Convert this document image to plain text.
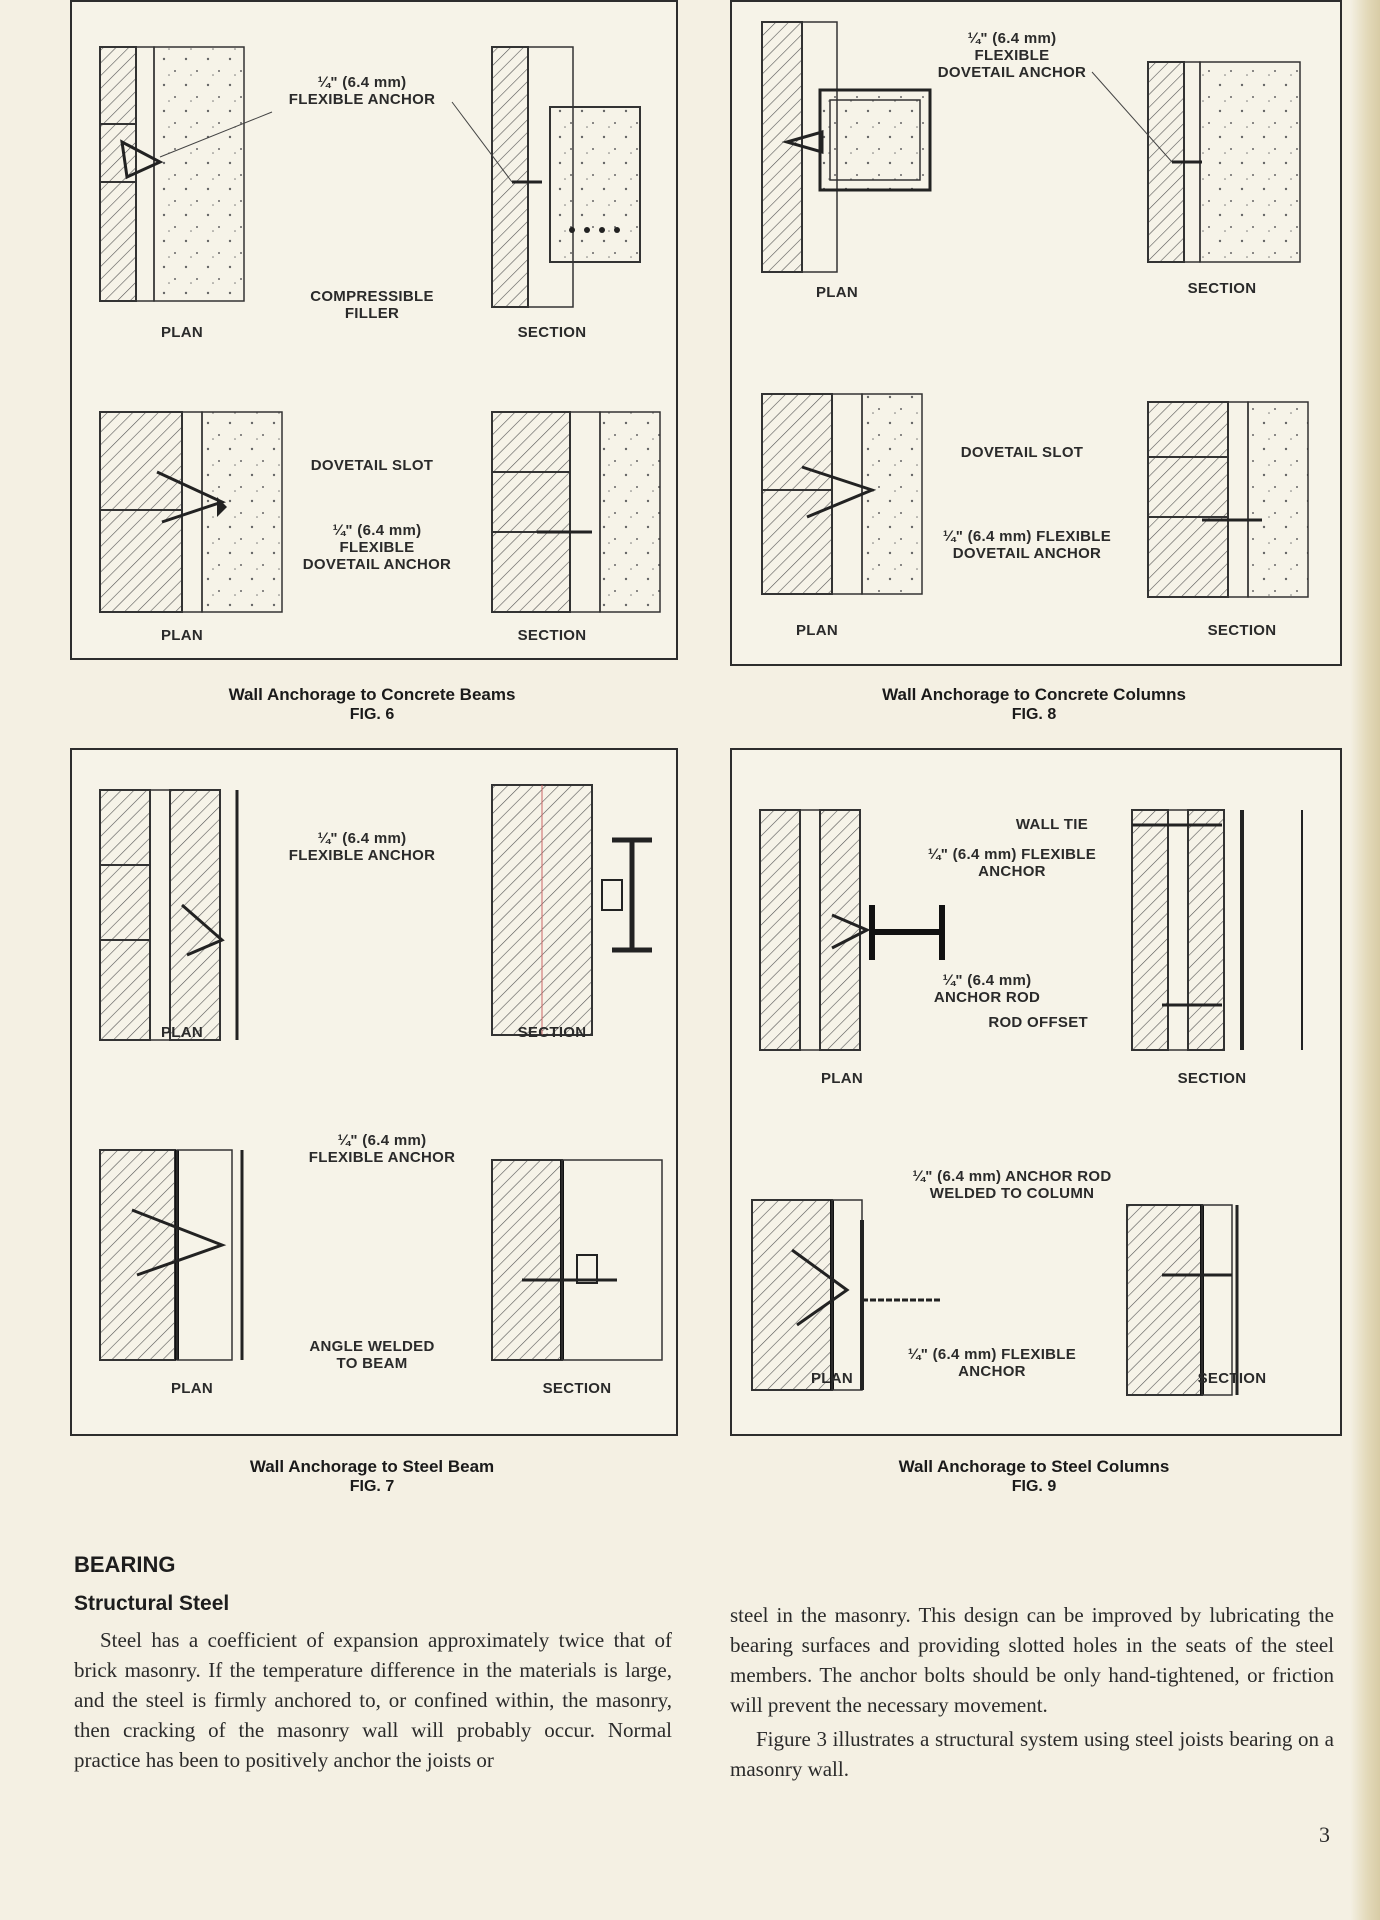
¼" (6.4 mm)
FLEXIBLE ANCHOR
COMPRESSIBLE
FILLER
PLAN	SECTION
DOVETAIL SLOT
¼" (6.4 mm)
FLEXIBLE
DOVETAIL ANCHOR
PLAN	SECTION
Wall Anchorage to Concrete Beams
FIG. 6
¼" (6.4 mm)
FLEXIBLE
DOVETAIL ANCHOR
PLAN	SECTION
DOVETAIL SLOT
¼" (6.4 mm) FLEXIBLE
DOVETAIL ANCHOR
PLAN	SECTION
Wall Anchorage to Concrete Columns
FIG. 8
¼" (6.4 mm)
FLEXIBLE ANCHOR
PLAN	SECTION
¼" (6.4 mm)
FLEXIBLE ANCHOR
ANGLE WELDED
TO BEAM
PLAN	SECTION
Wall Anchorage to Steel Beam
FIG. 7
WALL TIE
¼" (6.4 mm) FLEXIBLE
ANCHOR
¼" (6.4 mm)
ANCHOR ROD
ROD OFFSET
PLAN	SECTION
¼" (6.4 mm) ANCHOR ROD
WELDED TO COLUMN
¼" (6.4 mm) FLEXIBLE
ANCHOR
PLAN	SECTION
Wall Anchorage to Steel Columns
FIG. 9
BEARING
Structural Steel

Steel has a coefficient of expansion approximately twice that of brick masonry. If the temperature difference in the materials is large, and the steel is firmly anchored to, or confined within, the masonry, then cracking of the masonry wall will probably occur. Normal practice has been to positively anchor the joists or

steel in the masonry. This design can be improved by lubricating the bearing surfaces and providing slotted holes in the seats of the steel members. The anchor bolts should be only hand-tightened, or friction will prevent the necessary movement.

Figure 3 illustrates a structural system using steel joists bearing on a masonry wall.

3
